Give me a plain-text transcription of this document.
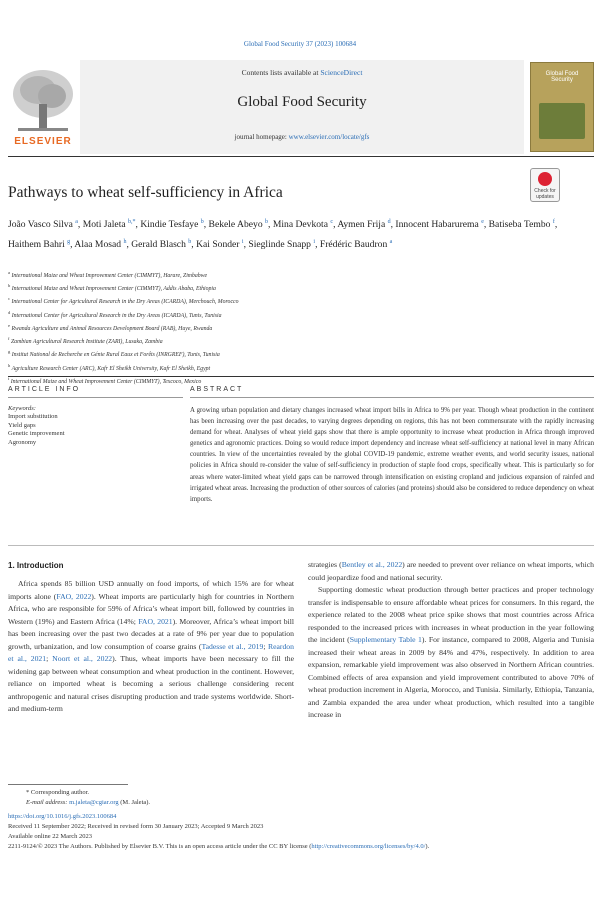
Global Food Security 37 (2023) 100684
ELSEVIER
Contents lists available at ScienceDirect
Global Food Security
journal homepage: www.elsevier.com/locate/gfs
Global Food Security
Pathways to wheat self-sufficiency in Africa	Check for updates
João Vasco Silva $^a$, Moti Jaleta $^{b,*}$, Kindie Tesfaye $^b$, Bekele Abeyo $^b$, Mina Devkota $^c$, Aymen Frija $^d$, Innocent Habarurema $^e$, Batiseba Tembo $^f$, Haithem Bahri $^g$, Alaa Mosad $^h$, Gerald Blasch $^b$, Kai Sonder $^i$, Sieglinde Snapp $^i$, Frédéric Baudron $^a$
$^a$ International Maize and Wheat Improvement Center (CIMMYT), Harare, Zimbabwe
$^b$ International Maize and Wheat Improvement Center (CIMMYT), Addis Ababa, Ethiopia
$^c$ International Center for Agricultural Research in the Dry Areas (ICARDA), Merchouch, Morocco
$^d$ International Center for Agricultural Research in the Dry Areas (ICARDA), Tunis, Tunisia
$^e$ Rwanda Agriculture and Animal Resources Development Board (RAB), Huye, Rwanda
$^f$ Zambian Agricultural Research Institute (ZARI), Lusaka, Zambia
$^g$ Institut National de Recherche en Génie Rural Eaux et Forêts (INRGREF), Tunis, Tunisia
$^h$ Agriculture Research Center (ARC), Kafr El Sheikh University, Kafr El Sheikh, Egypt
$^i$ International Maize and Wheat Improvement Center (CIMMYT), Texcoco, Mexico
ARTICLE INFO
Keywords:
Import substitution
Yield gaps
Genetic improvement
Agronomy
ABSTRACT
A growing urban population and dietary changes increased wheat import bills in Africa to 9% per year. Though wheat production in the continent has been increasing over the past decades, to varying degrees depending on regions, this has not been commensurate with the rapidly increasing demand for wheat. Analyses of wheat yield gaps show that there is ample opportunity to increase wheat production in Africa through improved genetics and agronomic practices. Doing so would reduce import dependency and increase wheat self-sufficiency at national level in many African countries. In view of the uncertainties revealed by the global COVID-19 pandemic, extreme weather events, and world security issues, national policies in Africa should re-consider the value of self-sufficiency in production of staple food crops, specifically wheat. This is particularly so for areas where water-limited wheat yield gaps can be narrowed through intensification on existing cropland and judicious expansion of rainfed and irrigated wheat areas. Increasing the production of other sources of calories (and proteins) should also be considered to reduce dependency on wheat imports.
1. Introduction
Africa spends 85 billion USD annually on food imports, of which 15% are for wheat imports alone (FAO, 2022). Wheat imports are particularly high for countries in Northern Africa, who are responsible for 59% of Africa’s wheat import bill, followed by countries in Western (19%) and Eastern Africa (14%; FAO, 2021). Moreover, Africa’s wheat import bill has been increasing over the past two decades at a rate of 9% per year due to population growth, urbanization, and low consumption of coarse grains (Tadesse et al., 2019; Reardon et al., 2021; Noort et al., 2022). Thus, wheat imports have been necessary to fill the widening gap between wheat consumption and wheat production in the continent. However, reliance on imported wheat is becoming a serious challenge considering recent anthropogenic and natural crises disrupting production and trade systems worldwide. Short- and medium-term
strategies (Bentley et al., 2022) are needed to prevent over reliance on wheat imports, which could jeopardize food and national security.
Supporting domestic wheat production through better practices and proper technology transfer is indispensable to ensure affordable wheat prices for consumers. In this regard, the experience related to the 2008 wheat price spike shows that most countries across Africa responded to the increased prices with increases in wheat production in the year following the incident (Supplementary Table 1). For instance, compared to 2008, Algeria and Tunisia increased their wheat areas in 2009 by 84% and 47%, respectively. In addition to area expansion, remarkable yield improvement was also observed in Northern African countries. Combined effects of area expansion and yield improvement contributed to above 70% of wheat production increment in Algeria, Morocco, and Tunisia. Similarly, Ethiopia, Tanzania, and Zambia expanded the area under wheat production, which resulted into a tangible increase in
* Corresponding author.
E-mail address: m.jaleta@cgiar.org (M. Jaleta).
https://doi.org/10.1016/j.gfs.2023.100684
Received 11 September 2022; Received in revised form 30 January 2023; Accepted 9 March 2023
Available online 22 March 2023
2211-9124/© 2023 The Authors. Published by Elsevier B.V. This is an open access article under the CC BY license (http://creativecommons.org/licenses/by/4.0/).
